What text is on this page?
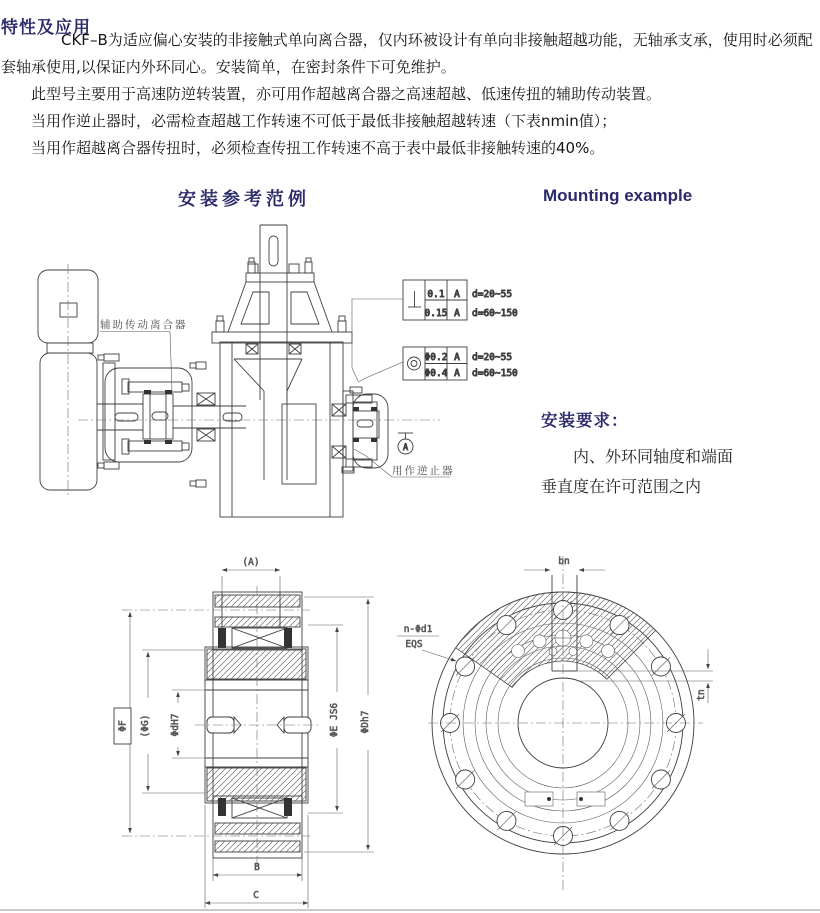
特性及应用

CKF–B为适应偏心安装的非接触式单向离合器，仅内环被设计有单向非接触超越功能，无轴承支承，使用时必须配套轴承使用,以保证内外环同心。安装简单，在密封条件下可免维护。

此型号主要用于高速防逆转装置，亦可用作超越离合器之高速超越、低速传扭的辅助传动装置。

当用作逆止器时，必需检查超越工作转速不可低于最低非接触超越转速（下表nmin值）；

当用作超越离合器传扭时，必须检查传扭工作转速不高于表中最低非接触转速的40%。

安装参考范例	Mounting example
A
0.1 A
0.15 A
d=20~55
d=60~150
Φ0.2 A
Φ0.4 A
d=20~55
d=60~150
辅助传动离合器
用作逆止器

安装要求：

内、外环同轴度和端面

垂直度在许可范围之内

(A)
ΦF (ΦG) ΦdH7	ΦE JS6 ΦDh7
B
C
bn
tn
n-Φd1
EQS
